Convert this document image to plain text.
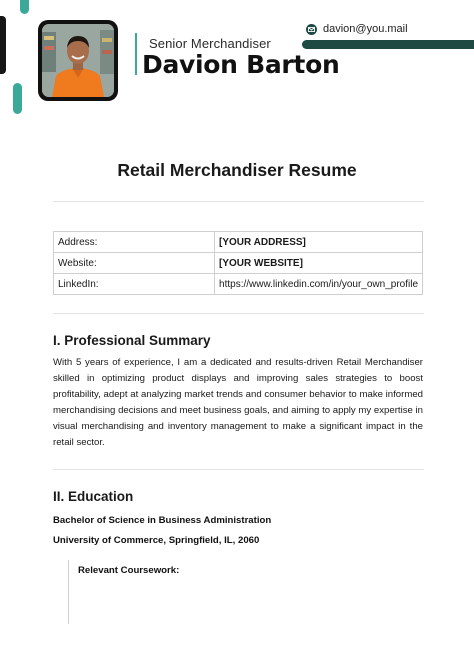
Senior Merchandiser
Davion Barton
davion@you.mail
Retail Merchandiser Resume
Address:	[YOUR ADDRESS]
Website:	[YOUR WEBSITE]
LinkedIn:	https://www.linkedin.com/in/your_own_profile
I. Professional Summary

With 5 years of experience, I am a dedicated and results-driven Retail Merchandiser skilled in optimizing product displays and improving sales strategies to boost profitability, adept at analyzing market trends and consumer behavior to make informed merchandising decisions and meet business goals, and aiming to apply my expertise in visual merchandising and inventory management to make a significant impact in the retail sector.

II. Education
Bachelor of Science in Business Administration
University of Commerce, Springfield, IL, 2060
Relevant Coursework:
